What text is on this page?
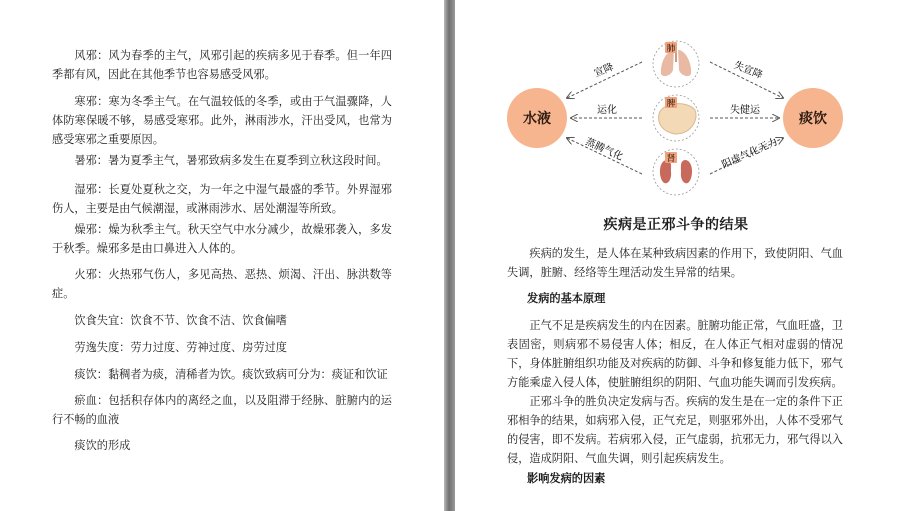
风邪：风为春季的主气，风邪引起的疾病多见于春季。但一年四季都有风，因此在其他季节也容易感受风邪。

寒邪：寒为冬季主气。在气温较低的冬季，或由于气温骤降，人体防寒保暖不够，易感受寒邪。此外，淋雨涉水，汗出受风，也常为感受寒邪之重要原因。

暑邪：暑为夏季主气，暑邪致病多发生在夏季到立秋这段时间。

湿邪：长夏处夏秋之交，为一年之中湿气最盛的季节。外界湿邪伤人，主要是由气候潮湿，或淋雨涉水、居处潮湿等所致。

燥邪：燥为秋季主气。秋天空气中水分减少，故燥邪袭入，多发于秋季。燥邪多是由口鼻进入人体的。

火邪：火热邪气伤人，多见高热、恶热、烦渴、汗出、脉洪数等症。

饮食失宜：饮食不节、饮食不洁、饮食偏嗜

劳逸失度：劳力过度、劳神过度、房劳过度

痰饮：黏稠者为痰，清稀者为饮。痰饮致病可分为：痰证和饮证

瘀血：包括积存体内的离经之血，以及阻滞于经脉、脏腑内的运行不畅的血液

痰饮的形成

水液	痰饮
宣降
运化
蒸腾气化
失宣降
失健运
阳虚气化无力
肺
脾
肾
疾病是正邪斗争的结果

疾病的发生，是人体在某种致病因素的作用下，致使阴阳、气血失调，脏腑、经络等生理活动发生异常的结果。

发病的基本原理

正气不足是疾病发生的内在因素。脏腑功能正常，气血旺盛，卫表固密，则病邪不易侵害人体；相反，在人体正气相对虚弱的情况下，身体脏腑组织功能及对疾病的防御、斗争和修复能力低下，邪气方能乘虚入侵人体，使脏腑组织的阴阳、气血功能失调而引发疾病。

正邪斗争的胜负决定发病与否。疾病的发生是在一定的条件下正邪相争的结果，如病邪入侵，正气充足，则驱邪外出，人体不受邪气的侵害，即不发病。若病邪入侵，正气虚弱，抗邪无力，邪气得以入侵，造成阴阳、气血失调，则引起疾病发生。

影响发病的因素
